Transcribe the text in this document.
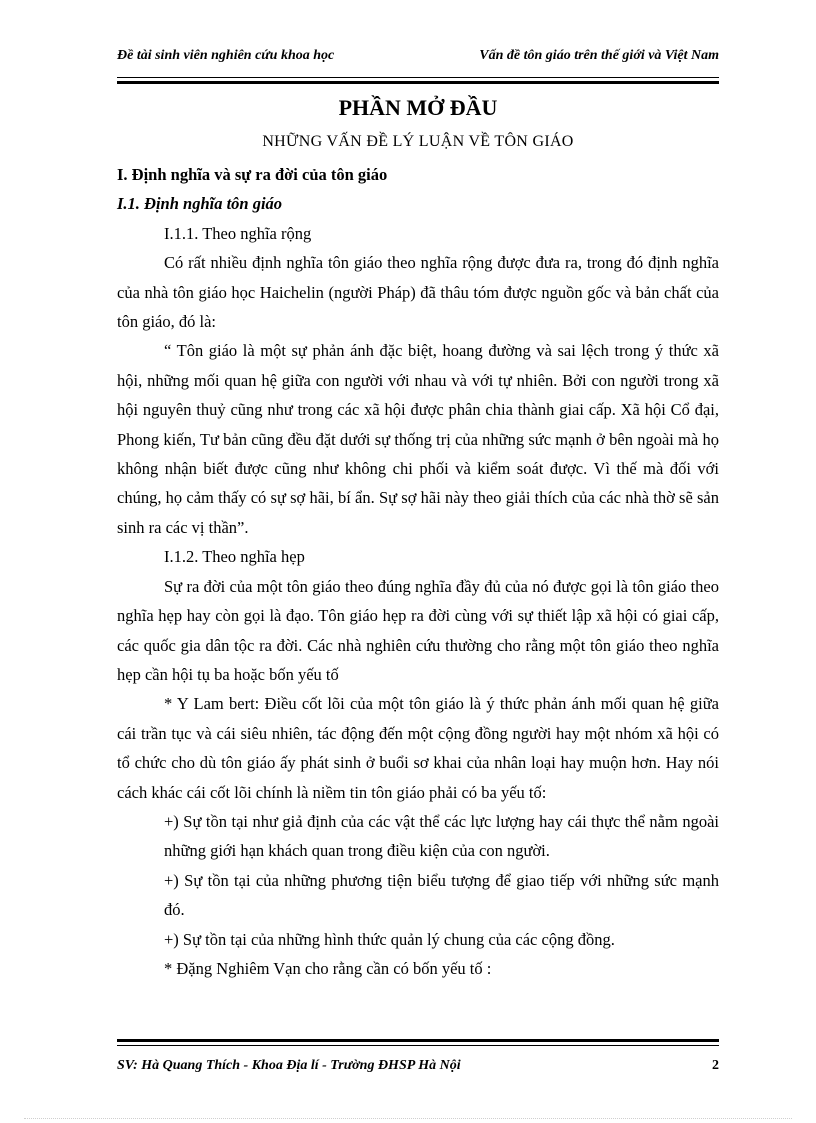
Đề tài sinh viên nghiên cứu khoa học	Vấn đề tôn giáo trên thế giới và Việt Nam
PHẦN MỞ ĐẦU
NHỮNG VẤN ĐỀ LÝ LUẬN VỀ TÔN GIÁO

I. Định nghĩa và sự ra đời của tôn giáo

I.1. Định nghĩa tôn giáo

I.1.1. Theo nghĩa rộng

Có rất nhiều định nghĩa tôn giáo theo nghĩa rộng được đưa ra, trong đó định nghĩa của nhà tôn giáo học Haichelin (người Pháp) đã thâu tóm được nguồn gốc và bản chất của tôn giáo, đó là:

“ Tôn giáo là một sự phản ánh đặc biệt, hoang đường và sai lệch trong ý thức xã hội, những mối quan hệ giữa con người với nhau và với tự nhiên. Bởi con người trong xã hội nguyên thuỷ cũng như trong các xã hội được phân chia thành giai cấp. Xã hội Cổ đại, Phong kiến, Tư bản cũng đều đặt dưới sự thống trị của những sức mạnh ở bên ngoài mà họ không nhận biết được cũng như không chi phối và kiểm soát được. Vì thế mà đối với chúng, họ cảm thấy có sự sợ hãi, bí ẩn. Sự sợ hãi này theo giải thích của các nhà thờ sẽ sản sinh ra các vị thần”.

I.1.2. Theo nghĩa hẹp

Sự ra đời của một tôn giáo theo đúng nghĩa đầy đủ của nó được gọi là tôn giáo theo nghĩa hẹp hay còn gọi là đạo. Tôn giáo hẹp ra đời cùng với sự thiết lập xã hội có giai cấp, các quốc gia dân tộc ra đời. Các nhà nghiên cứu thường cho rằng một tôn giáo theo nghĩa hẹp cần hội tụ ba hoặc bốn yếu tố

* Y Lam bert: Điều cốt lõi của một tôn giáo là ý thức phản ánh mối quan hệ giữa cái trần tục và cái siêu nhiên, tác động đến một cộng đồng người hay một nhóm xã hội có tổ chức cho dù tôn giáo ấy phát sinh ở buổi sơ khai của nhân loại hay muộn hơn. Hay nói cách khác cái cốt lõi chính là niềm tin tôn giáo phải có ba yếu tố:

+) Sự tồn tại như giả định của các vật thể các lực lượng hay cái thực thể nằm ngoài những giới hạn khách quan trong điều kiện của con người.

+) Sự tồn tại của những phương tiện biểu tượng để giao tiếp với những sức mạnh đó.

+) Sự tồn tại của những hình thức quản lý chung của các cộng đồng.

* Đặng Nghiêm Vạn cho rằng cần có bốn yếu tố :

SV: Hà Quang Thích - Khoa Địa lí - Trường ĐHSP Hà Nội	2
